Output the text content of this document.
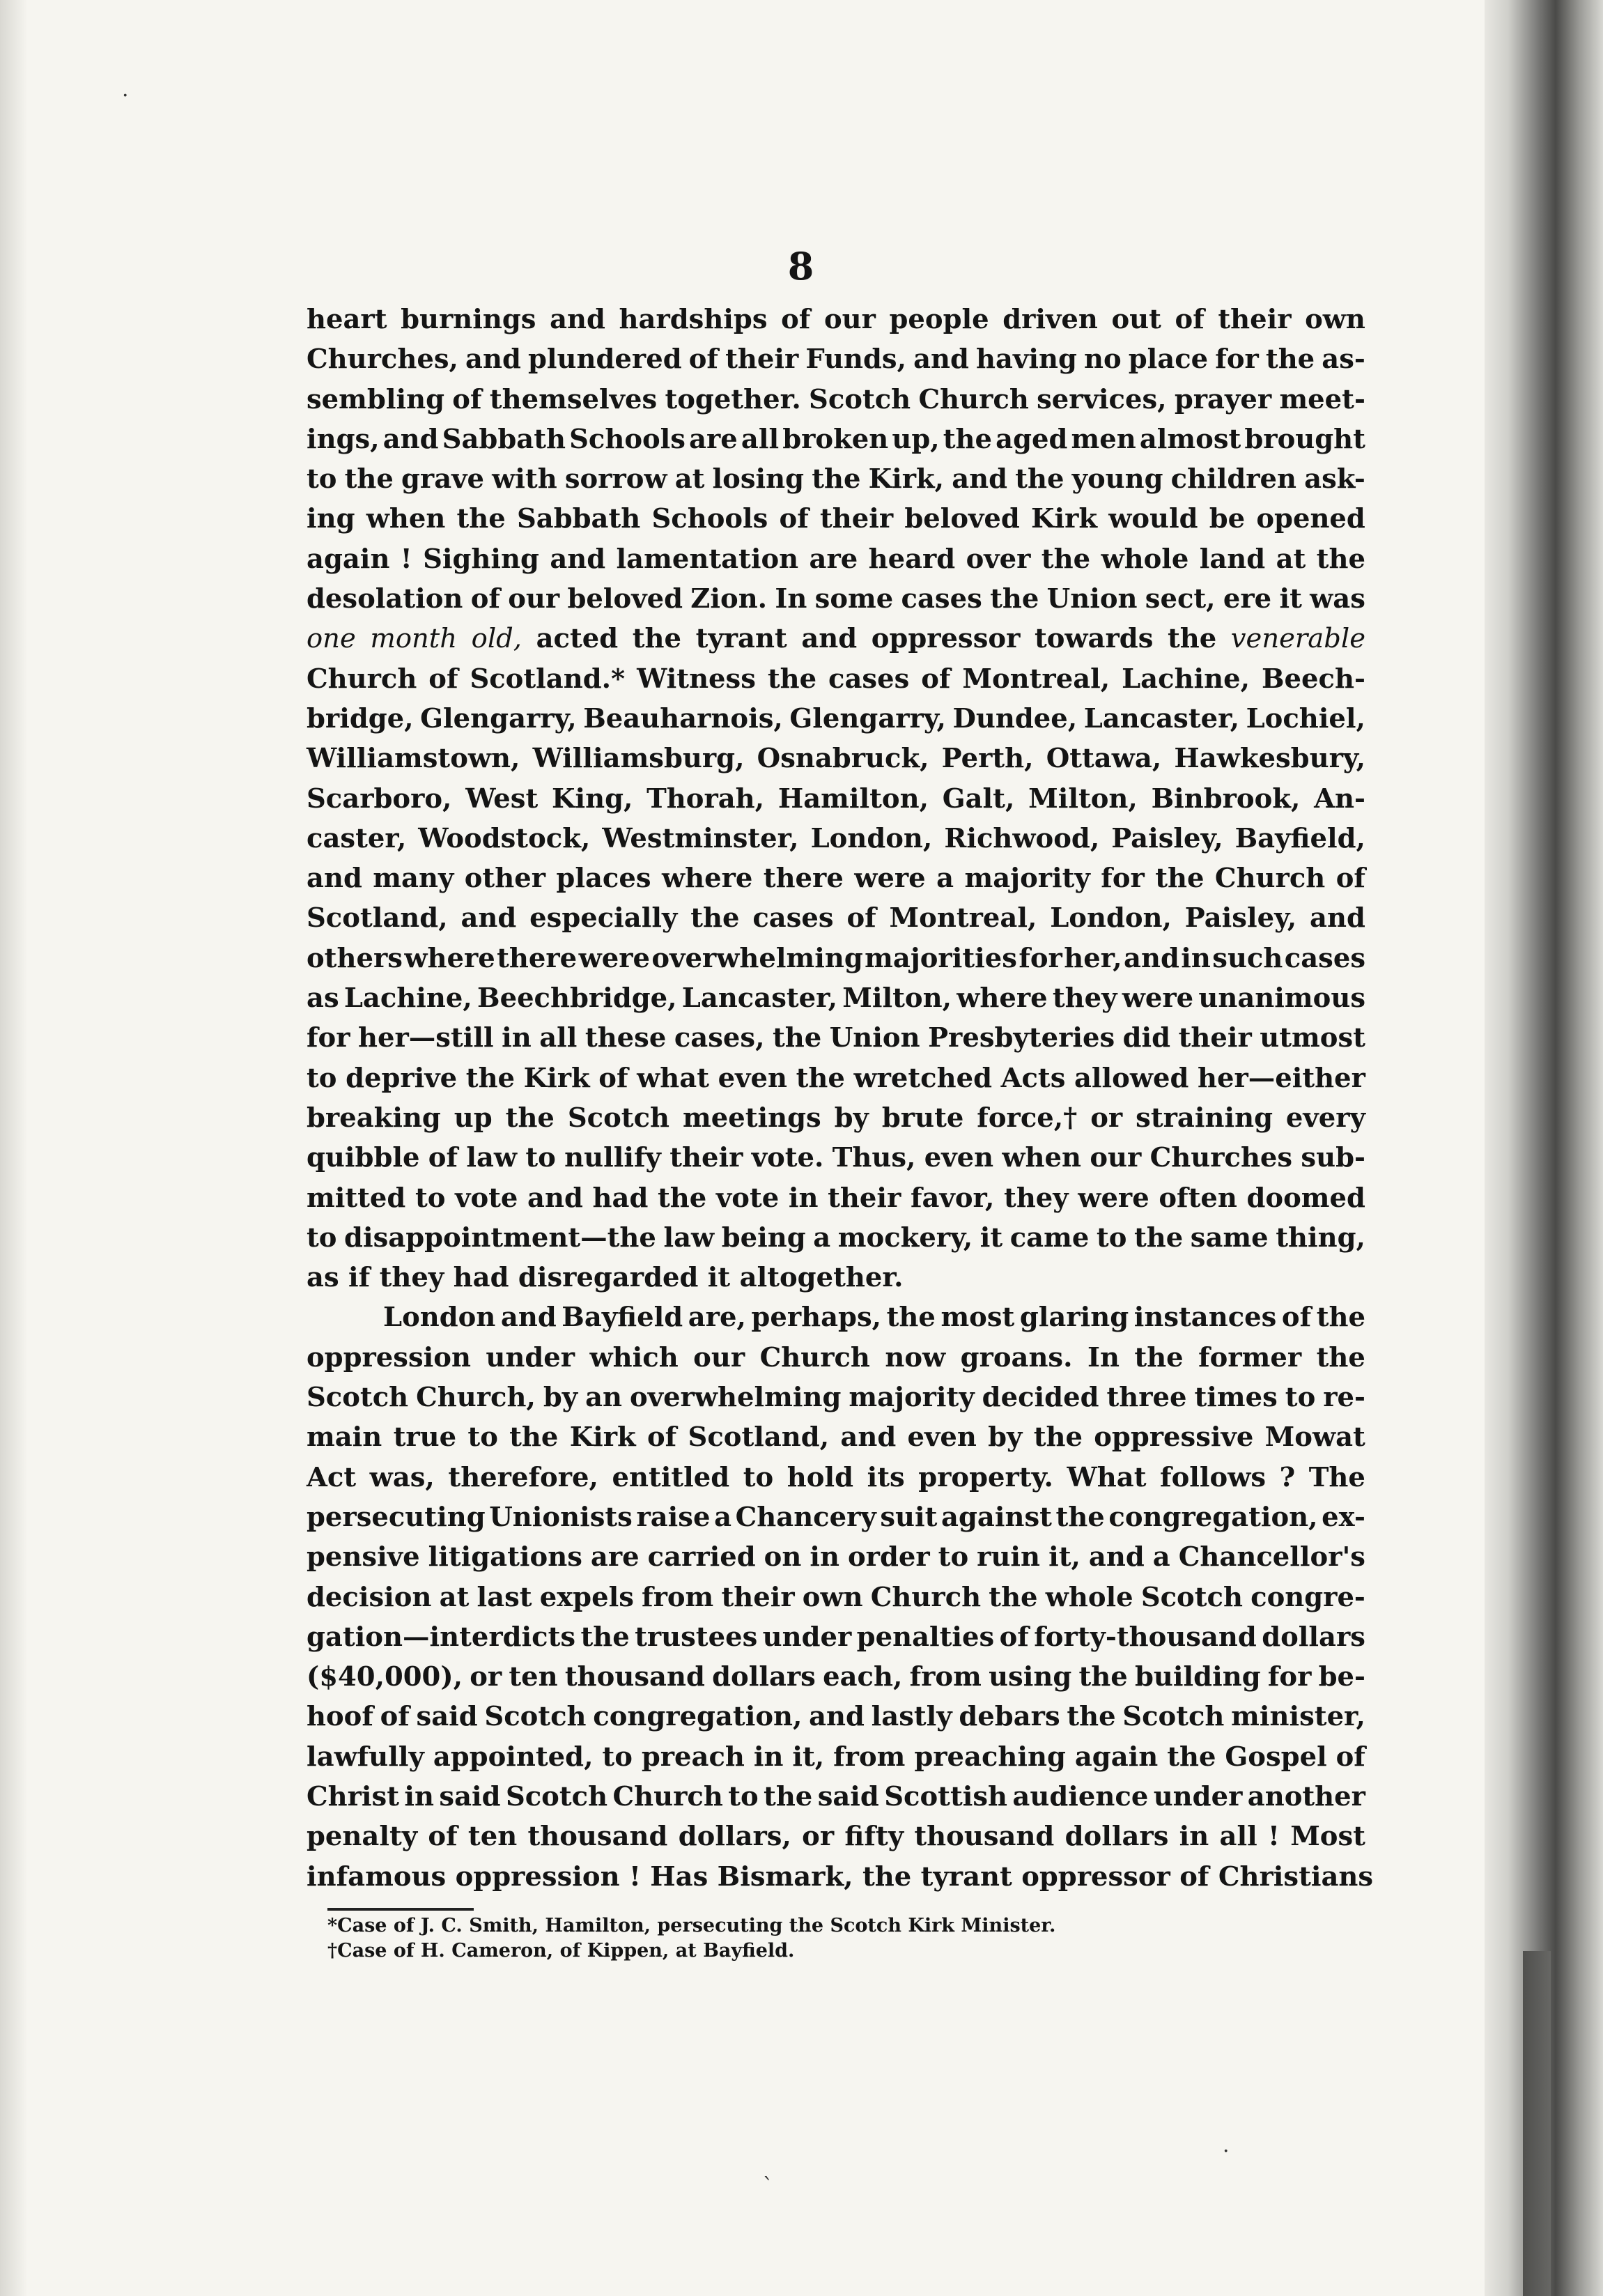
8
heart burnings and hardships of our people driven out of their own
Churches, and plundered of their Funds, and having no place for the as-
sembling of themselves together. Scotch Church services, prayer meet-
ings, and Sabbath Schools are all broken up, the aged men almost brought
to the grave with sorrow at losing the Kirk, and the young children ask-
ing when the Sabbath Schools of their beloved Kirk would be opened
again ! Sighing and lamentation are heard over the whole land at the
desolation of our beloved Zion. In some cases the Union sect, ere it was
one month old, acted the tyrant and oppressor towards the venerable
Church of Scotland.* Witness the cases of Montreal, Lachine, Beech-
bridge, Glengarry, Beauharnois, Glengarry, Dundee, Lancaster, Lochiel,
Williamstown, Williamsburg, Osnabruck, Perth, Ottawa, Hawkesbury,
Scarboro, West King, Thorah, Hamilton, Galt, Milton, Binbrook, An-
caster, Woodstock, Westminster, London, Richwood, Paisley, Bayfield,
and many other places where there were a majority for the Church of
Scotland, and especially the cases of Montreal, London, Paisley, and
others where there were overwhelming majorities for her, and in such cases
as Lachine, Beechbridge, Lancaster, Milton, where they were unanimous
for her—still in all these cases, the Union Presbyteries did their utmost
to deprive the Kirk of what even the wretched Acts allowed her—either
breaking up the Scotch meetings by brute force,† or straining every
quibble of law to nullify their vote. Thus, even when our Churches sub-
mitted to vote and had the vote in their favor, they were often doomed
to disappointment—the law being a mockery, it came to the same thing,
as if they had disregarded it altogether.
London and Bayfield are, perhaps, the most glaring instances of the
oppression under which our Church now groans. In the former the
Scotch Church, by an overwhelming majority decided three times to re-
main true to the Kirk of Scotland, and even by the oppressive Mowat
Act was, therefore, entitled to hold its property. What follows ? The
persecuting Unionists raise a Chancery suit against the congregation, ex-
pensive litigations are carried on in order to ruin it, and a Chancellor's
decision at last expels from their own Church the whole Scotch congre-
gation—interdicts the trustees under penalties of forty-thousand dollars
($40,000), or ten thousand dollars each, from using the building for be-
hoof of said Scotch congregation, and lastly debars the Scotch minister,
lawfully appointed, to preach in it, from preaching again the Gospel of
Christ in said Scotch Church to the said Scottish audience under another
penalty of ten thousand dollars, or fifty thousand dollars in all ! Most
infamous oppression ! Has Bismark, the tyrant oppressor of Christians
*Case of J. C. Smith, Hamilton, persecuting the Scotch Kirk Minister.
†Case of H. Cameron, of Kippen, at Bayfield.
·
·
ˋ
